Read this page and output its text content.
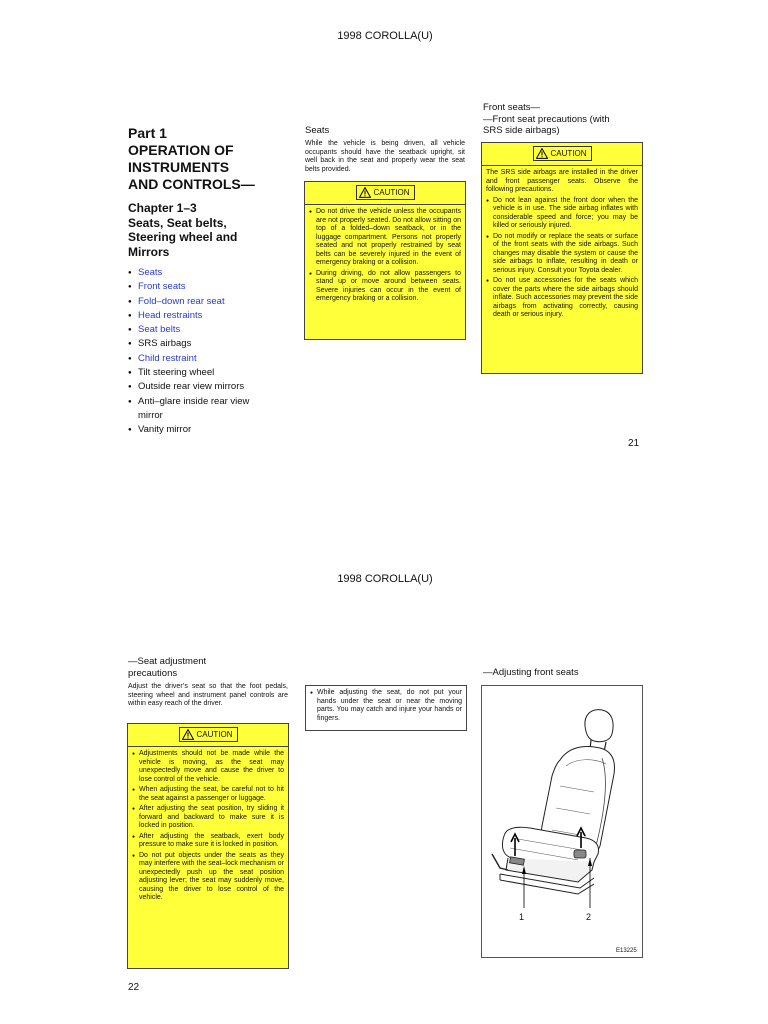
1998 COROLLA(U)
Part 1
OPERATION OF
INSTRUMENTS
AND CONTROLS—
Chapter 1–3
Seats, Seat belts,
Steering wheel and
Mirrors
● Seats
● Front seats
● Fold–down rear seat
● Head restraints
● Seat belts
● SRS airbags
● Child restraint
● Tilt steering wheel
● Outside rear view mirrors
● Anti–glare inside rear view mirror
● Vanity mirror
Seats
While the vehicle is being driven, all vehicle occupants should have the seatback upright, sit well back in the seat and properly wear the seat belts provided.
CAUTION
● Do not drive the vehicle unless the occupants are not properly seated. Do not allow sitting on top of a folded–down seatback, or in the luggage compartment. Persons not properly seated and not properly restrained by seat belts can be severely injured in the event of emergency braking or a collision.
● During driving, do not allow passengers to stand up or move around between seats. Severe injuries can occur in the event of emergency braking or a collision.
Front seats—
—Front seat precautions (with
SRS side airbags)
CAUTION
The SRS side airbags are installed in the driver and front passenger seats. Observe the following precautions.
● Do not lean against the front door when the vehicle is in use. The side airbag inflates with considerable speed and force; you may be killed or seriously injured.
● Do not modify or replace the seats or surface of the front seats with the side airbags. Such changes may disable the system or cause the side airbags to inflate, resulting in death or serious injury. Consult your Toyota dealer.
● Do not use accessories for the seats which cover the parts where the side airbags should inflate. Such accessories may prevent the side airbags from activating correctly, causing death or serious injury.
21
1998 COROLLA(U)
—Seat adjustment
precautions
Adjust the driver’s seat so that the foot pedals, steering wheel and instrument panel controls are within easy reach of the driver.
CAUTION
● Adjustments should not be made while the vehicle is moving, as the seat may unexpectedly move and cause the driver to lose control of the vehicle.
● When adjusting the seat, be careful not to hit the seat against a passenger or luggage.
● After adjusting the seat position, try sliding it forward and backward to make sure it is locked in position.
● After adjusting the seatback, exert body pressure to make sure it is locked in position.
● Do not put objects under the seats as they may interfere with the seat–lock mechanism or unexpectedly push up the seat position adjusting lever; the seat may suddenly move, causing the driver to lose control of the vehicle.
● While adjusting the seat, do not put your hands under the seat or near the moving parts. You may catch and injure your hands or fingers.
—Adjusting front seats
1	2
E13225
22
